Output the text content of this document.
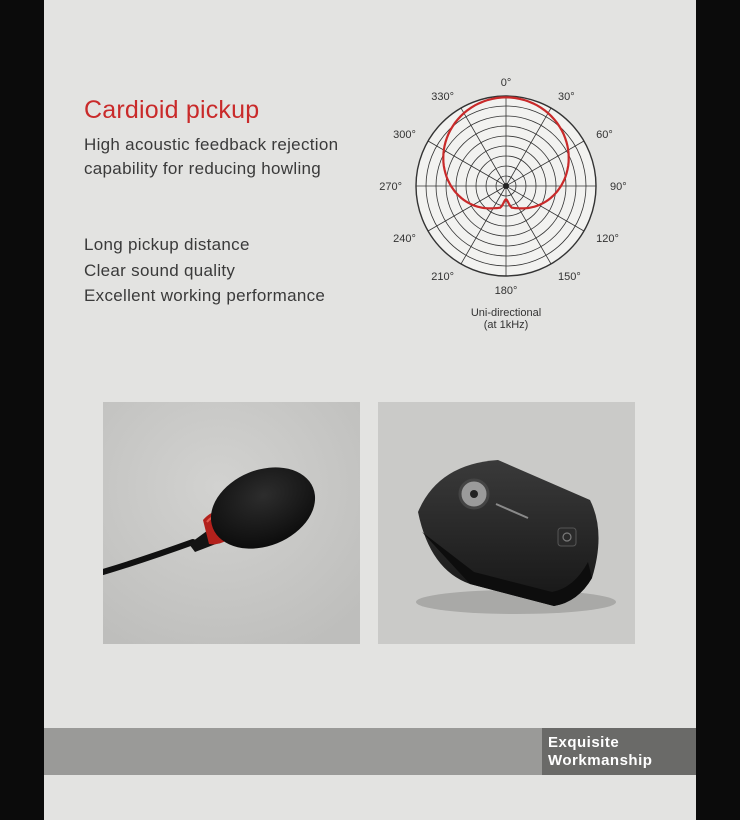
Cardioid pickup

High acoustic feedback rejection

capability for reducing howling

Long pickup distance

Clear sound quality

Excellent working performance

0°
30°
60°
90°
120°
150°
180°
210°
240°
270°
300°
330°
Uni-directional
(at 1kHz)
Exquisite
Workmanship
